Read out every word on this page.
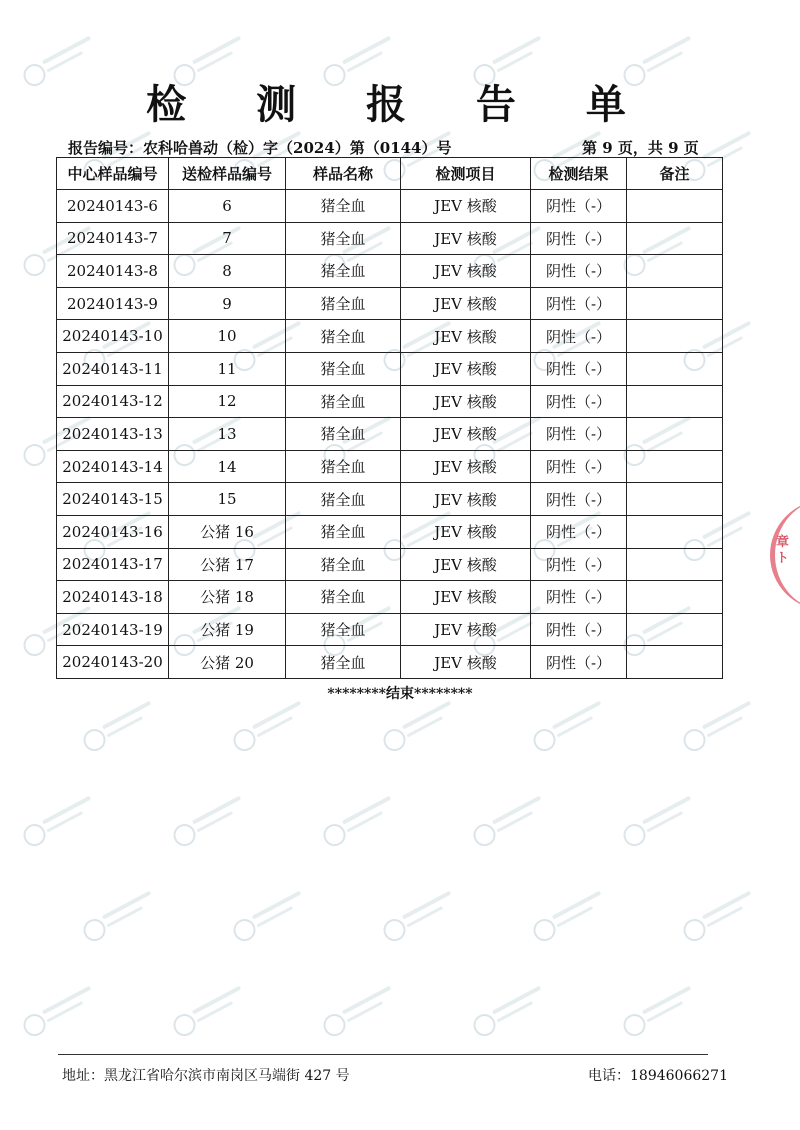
检 测 报 告 单
报告编号：农科哈兽动（检）字（2024）第（0144）号	第 9 页，共 9 页
中心样品编号	送检样品编号	样品名称	检测项目	检测结果	备注
20240143-6	6	猪全血	JEV 核酸	阴性（-）	
20240143-7	7	猪全血	JEV 核酸	阴性（-）	
20240143-8	8	猪全血	JEV 核酸	阴性（-）	
20240143-9	9	猪全血	JEV 核酸	阴性（-）	
20240143-10	10	猪全血	JEV 核酸	阴性（-）	
20240143-11	11	猪全血	JEV 核酸	阴性（-）	
20240143-12	12	猪全血	JEV 核酸	阴性（-）	
20240143-13	13	猪全血	JEV 核酸	阴性（-）	
20240143-14	14	猪全血	JEV 核酸	阴性（-）	
20240143-15	15	猪全血	JEV 核酸	阴性（-）	
20240143-16	公猪 16	猪全血	JEV 核酸	阴性（-）	
20240143-17	公猪 17	猪全血	JEV 核酸	阴性（-）	
20240143-18	公猪 18	猪全血	JEV 核酸	阴性（-）	
20240143-19	公猪 19	猪全血	JEV 核酸	阴性（-）	
20240143-20	公猪 20	猪全血	JEV 核酸	阴性（-）	
********结束********
地址：黑龙江省哈尔滨市南岗区马端街 427 号	电话：18946066271
章 ト
